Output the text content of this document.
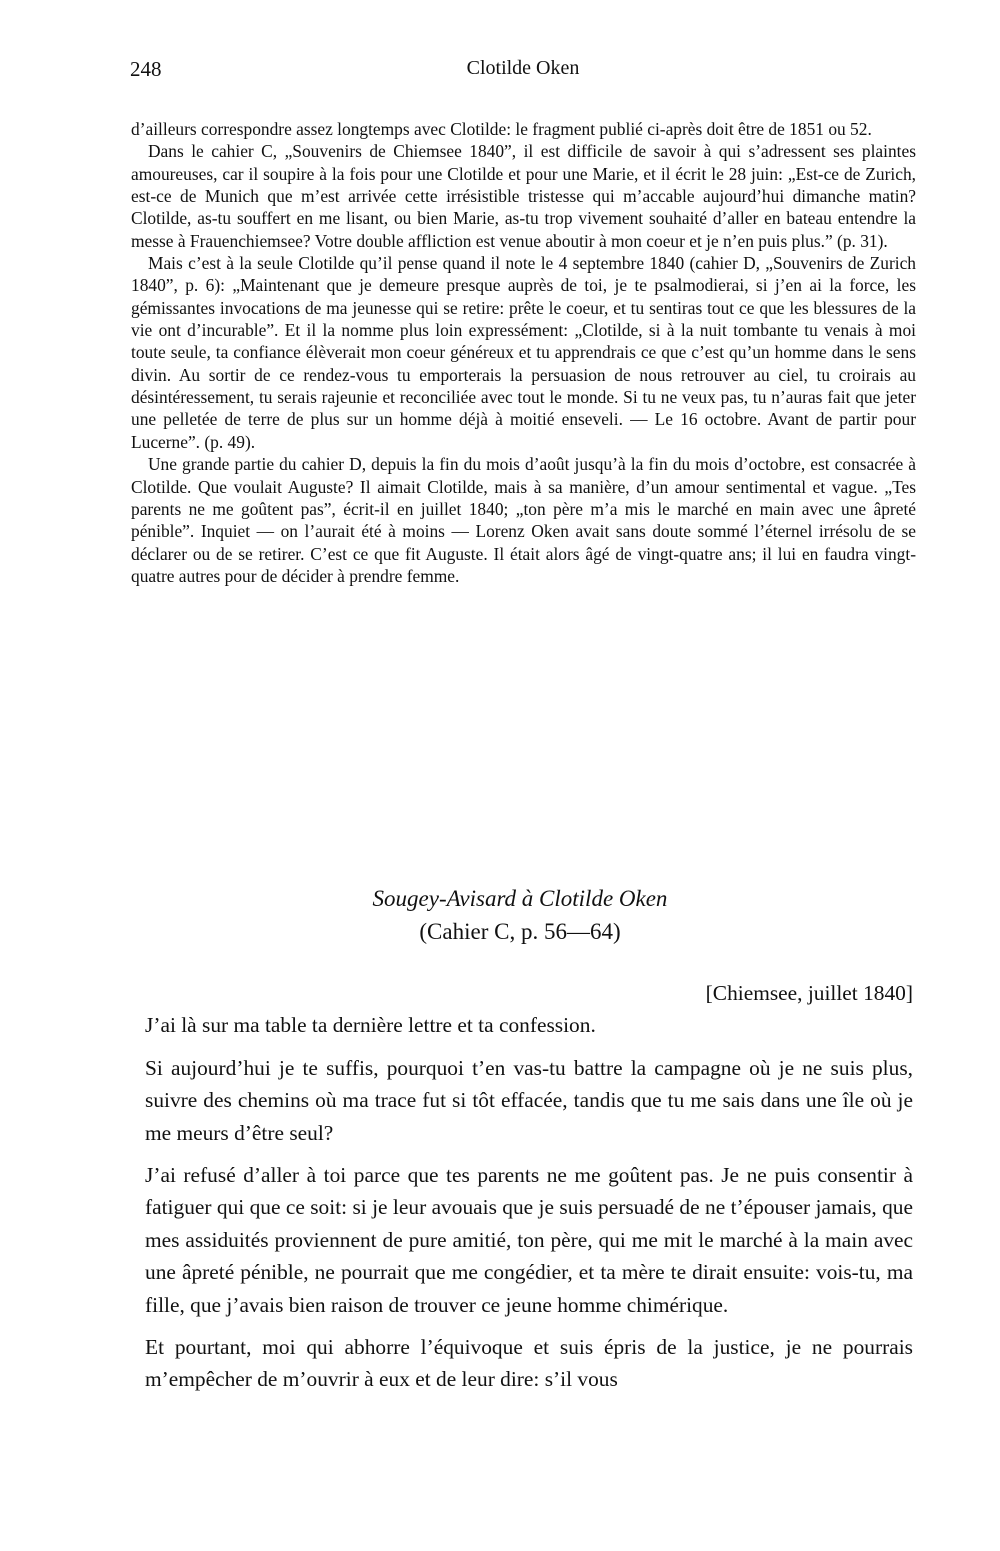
248	Clotilde Oken

d’ailleurs correspondre assez longtemps avec Clotilde: le fragment publié ci-après doit être de 1851 ou 52.

Dans le cahier C, „Souvenirs de Chiemsee 1840”, il est difficile de savoir à qui s’adressent ses plaintes amoureuses, car il soupire à la fois pour une Clotilde et pour une Marie, et il écrit le 28 juin: „Est-ce de Zurich, est-ce de Munich que m’est arrivée cette irrésistible tristesse qui m’accable aujourd’hui dimanche matin? Clotilde, as-tu souffert en me lisant, ou bien Marie, as-tu trop vivement souhaité d’aller en bateau entendre la messe à Frauenchiemsee? Votre double affliction est venue aboutir à mon coeur et je n’en puis plus.” (p. 31).

Mais c’est à la seule Clotilde qu’il pense quand il note le 4 septembre 1840 (cahier D, „Souvenirs de Zurich 1840”, p. 6): „Maintenant que je demeure presque auprès de toi, je te psalmodierai, si j’en ai la force, les gémissantes invocations de ma jeunesse qui se retire: prête le coeur, et tu sentiras tout ce que les blessures de la vie ont d’incurable”. Et il la nomme plus loin expressément: „Clotilde, si à la nuit tombante tu venais à moi toute seule, ta confiance élèverait mon coeur généreux et tu apprendrais ce que c’est qu’un homme dans le sens divin. Au sortir de ce rendez-vous tu emporterais la persuasion de nous retrouver au ciel, tu croirais au désintéressement, tu serais rajeunie et reconciliée avec tout le monde. Si tu ne veux pas, tu n’auras fait que jeter une pelletée de terre de plus sur un homme déjà à moitié enseveli. — Le 16 octobre. Avant de partir pour Lucerne”. (p. 49).

Une grande partie du cahier D, depuis la fin du mois d’août jusqu’à la fin du mois d’octobre, est consacrée à Clotilde. Que voulait Auguste? Il aimait Clotilde, mais à sa manière, d’un amour sentimental et vague. „Tes parents ne me goûtent pas”, écrit-il en juillet 1840; „ton père m’a mis le marché en main avec une âpreté pénible”. Inquiet — on l’aurait été à moins — Lorenz Oken avait sans doute sommé l’éternel irrésolu de se déclarer ou de se retirer. C’est ce que fit Auguste. Il était alors âgé de vingt-quatre ans; il lui en faudra vingt-quatre autres pour de décider à prendre femme.

Sougey-Avisard à Clotilde Oken
(Cahier C, p. 56—64)

[Chiemsee, juillet 1840]

J’ai là sur ma table ta dernière lettre et ta confession.

Si aujourd’hui je te suffis, pourquoi t’en vas-tu battre la campagne où je ne suis plus, suivre des chemins où ma trace fut si tôt effacée, tandis que tu me sais dans une île où je me meurs d’être seul?

J’ai refusé d’aller à toi parce que tes parents ne me goûtent pas. Je ne puis consentir à fatiguer qui que ce soit: si je leur avouais que je suis persuadé de ne t’épouser jamais, que mes assiduités proviennent de pure amitié, ton père, qui me mit le marché à la main avec une âpreté pénible, ne pourrait que me congédier, et ta mère te dirait ensuite: vois-tu, ma fille, que j’avais bien raison de trouver ce jeune homme chimérique.

Et pourtant, moi qui abhorre l’équivoque et suis épris de la justice, je ne pourrais m’empêcher de m’ouvrir à eux et de leur dire: s’il vous
